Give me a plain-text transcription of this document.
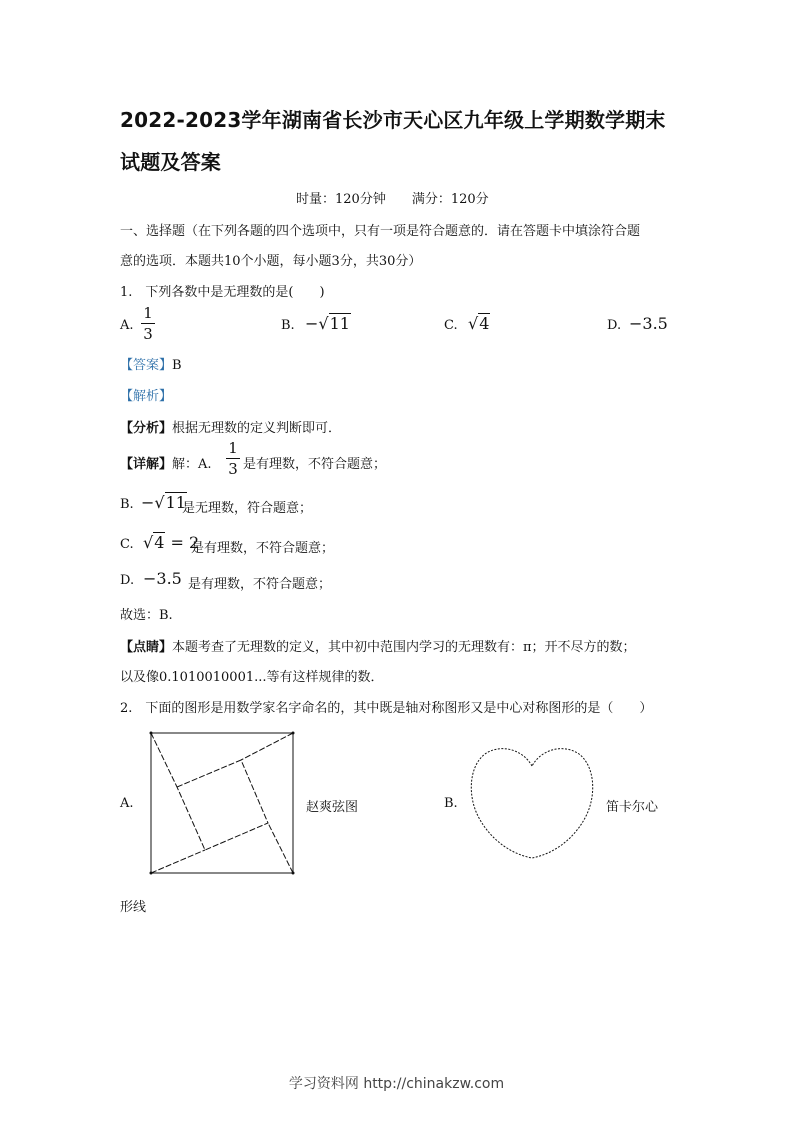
2022-2023学年湖南省长沙市天心区九年级上学期数学期末
试题及答案
时量：120分钟　　满分：120分
一、选择题（在下列各题的四个选项中，只有一项是符合题意的．请在答题卡中填涂符合题
意的选项．本题共10个小题，每小题3分，共30分）
1.　下列各数中是无理数的是(　　)
A.
1
3	B. −√11	C. √4	D. −3.5
【答案】B
【解析】
【分析】根据无理数的定义判断即可．
【详解】解：A.
1
3 是有理数，不符合题意；
B. −√11
是无理数，符合题意；
C. √4 = 2
是有理数，不符合题意；
D. −3.5 是有理数，不符合题意；
故选：B.
【点睛】本题考查了无理数的定义，其中初中范围内学习的无理数有：π；开不尽方的数；
以及像0.1010010001...等有这样规律的数．
2.　下面的图形是用数学家名字命名的，其中既是轴对称图形又是中心对称图形的是（　　）
A.	赵爽弦图	B.	笛卡尔心
形线
学习资料网 http://chinakzw.com
